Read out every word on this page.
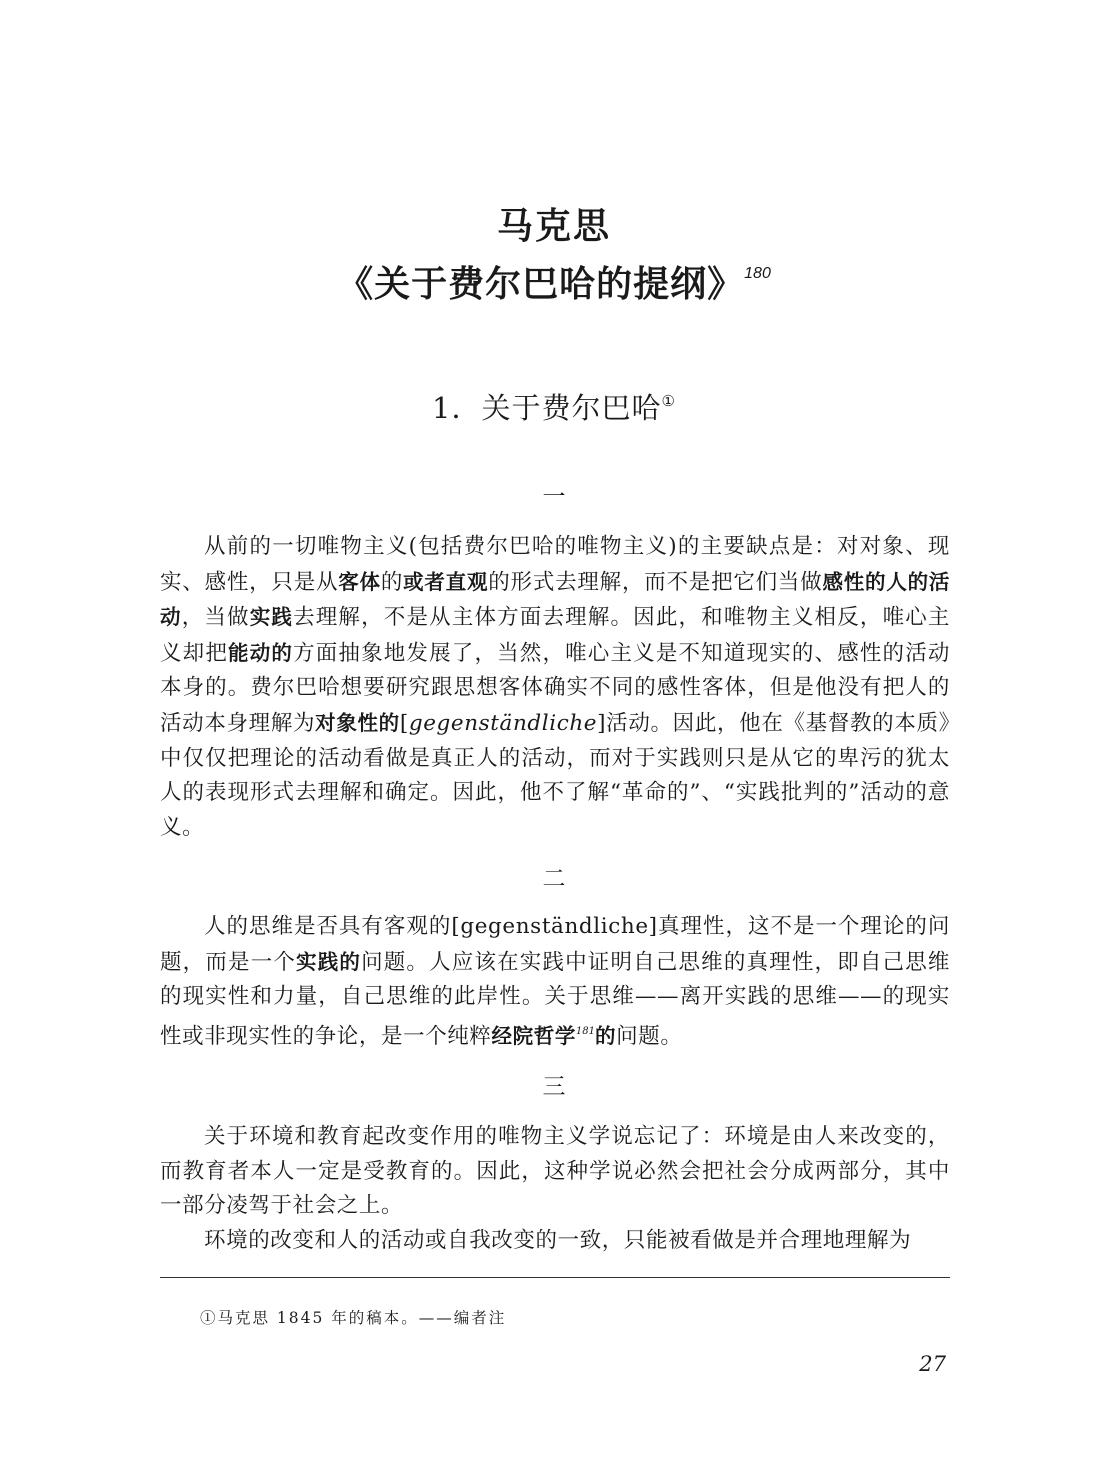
马克思
《关于费尔巴哈的提纲》$^{180}$
1．关于费尔巴哈①
一

从前的一切唯物主义(包括费尔巴哈的唯物主义)的主要缺点是：对对象、现实、感性，只是从客体的或者直观的形式去理解，而不是把它们当做感性的人的活动，当做实践去理解，不是从主体方面去理解。因此，和唯物主义相反，唯心主义却把能动的方面抽象地发展了，当然，唯心主义是不知道现实的、感性的活动本身的。费尔巴哈想要研究跟思想客体确实不同的感性客体，但是他没有把人的活动本身理解为对象性的[gegenständliche]活动。因此，他在《基督教的本质》中仅仅把理论的活动看做是真正人的活动，而对于实践则只是从它的卑污的犹太人的表现形式去理解和确定。因此，他不了解“革命的”、“实践批判的”活动的意义。

二

人的思维是否具有客观的[gegenständliche]真理性，这不是一个理论的问题，而是一个实践的问题。人应该在实践中证明自己思维的真理性，即自己思维的现实性和力量，自己思维的此岸性。关于思维——离开实践的思维——的现实性或非现实性的争论，是一个纯粹经院哲学$^{181}$的问题。

三

关于环境和教育起改变作用的唯物主义学说忘记了：环境是由人来改变的，而教育者本人一定是受教育的。因此，这种学说必然会把社会分成两部分，其中一部分凌驾于社会之上。

环境的改变和人的活动或自我改变的一致，只能被看做是并合理地理解为

①马克思 1845 年的稿本。——编者注
27
